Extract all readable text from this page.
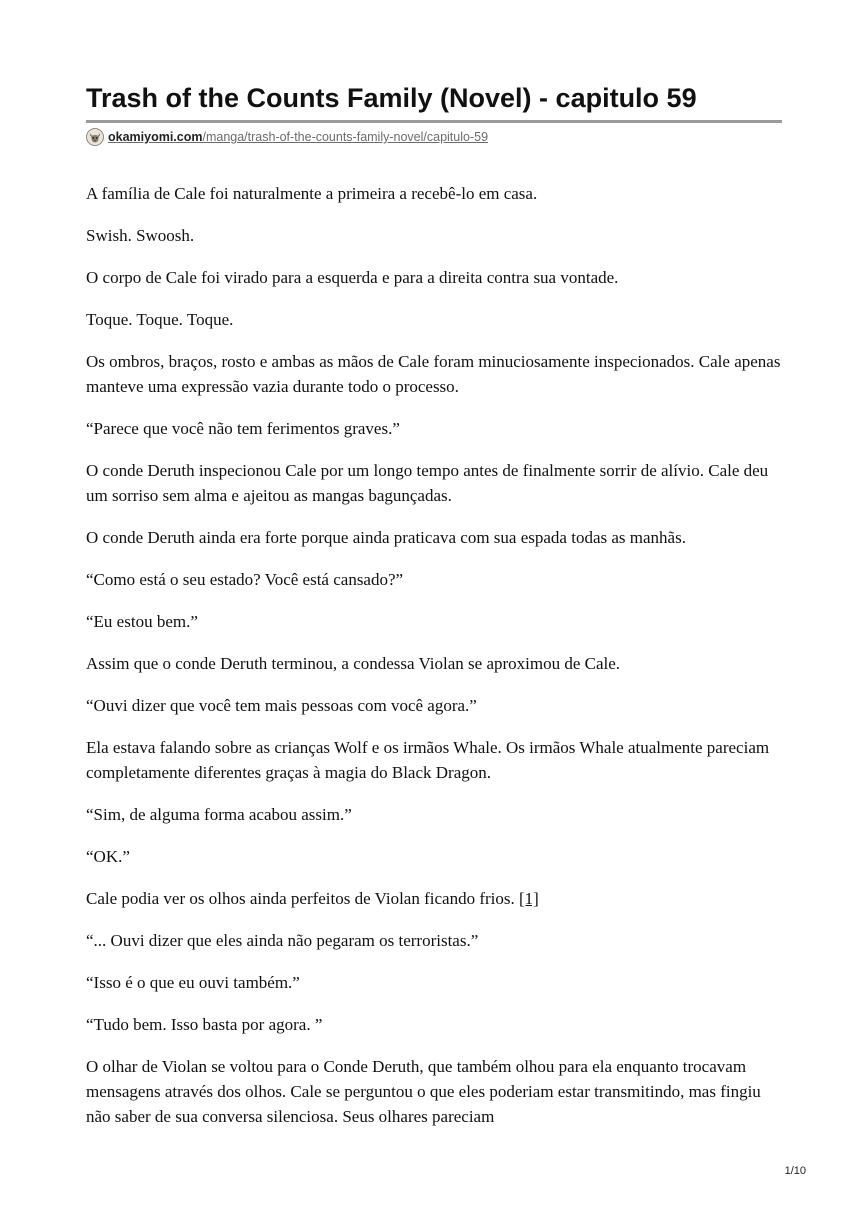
Trash of the Counts Family (Novel) - capitulo 59
okamiyomi.com/manga/trash-of-the-counts-family-novel/capitulo-59

A família de Cale foi naturalmente a primeira a recebê-lo em casa.

Swish. Swoosh.

O corpo de Cale foi virado para a esquerda e para a direita contra sua vontade.

Toque. Toque. Toque.

Os ombros, braços, rosto e ambas as mãos de Cale foram minuciosamente inspecionados. Cale apenas manteve uma expressão vazia durante todo o processo.

“Parece que você não tem ferimentos graves.”

O conde Deruth inspecionou Cale por um longo tempo antes de finalmente sorrir de alívio. Cale deu um sorriso sem alma e ajeitou as mangas bagunçadas.

O conde Deruth ainda era forte porque ainda praticava com sua espada todas as manhãs.

“Como está o seu estado? Você está cansado?”

“Eu estou bem.”

Assim que o conde Deruth terminou, a condessa Violan se aproximou de Cale.

“Ouvi dizer que você tem mais pessoas com você agora.”

Ela estava falando sobre as crianças Wolf e os irmãos Whale. Os irmãos Whale atualmente pareciam completamente diferentes graças à magia do Black Dragon.

“Sim, de alguma forma acabou assim.”

“OK.”

Cale podia ver os olhos ainda perfeitos de Violan ficando frios. [1]

“... Ouvi dizer que eles ainda não pegaram os terroristas.”

“Isso é o que eu ouvi também.”

“Tudo bem. Isso basta por agora. ”

O olhar de Violan se voltou para o Conde Deruth, que também olhou para ela enquanto trocavam mensagens através dos olhos. Cale se perguntou o que eles poderiam estar transmitindo, mas fingiu não saber de sua conversa silenciosa. Seus olhares pareciam

1/10
